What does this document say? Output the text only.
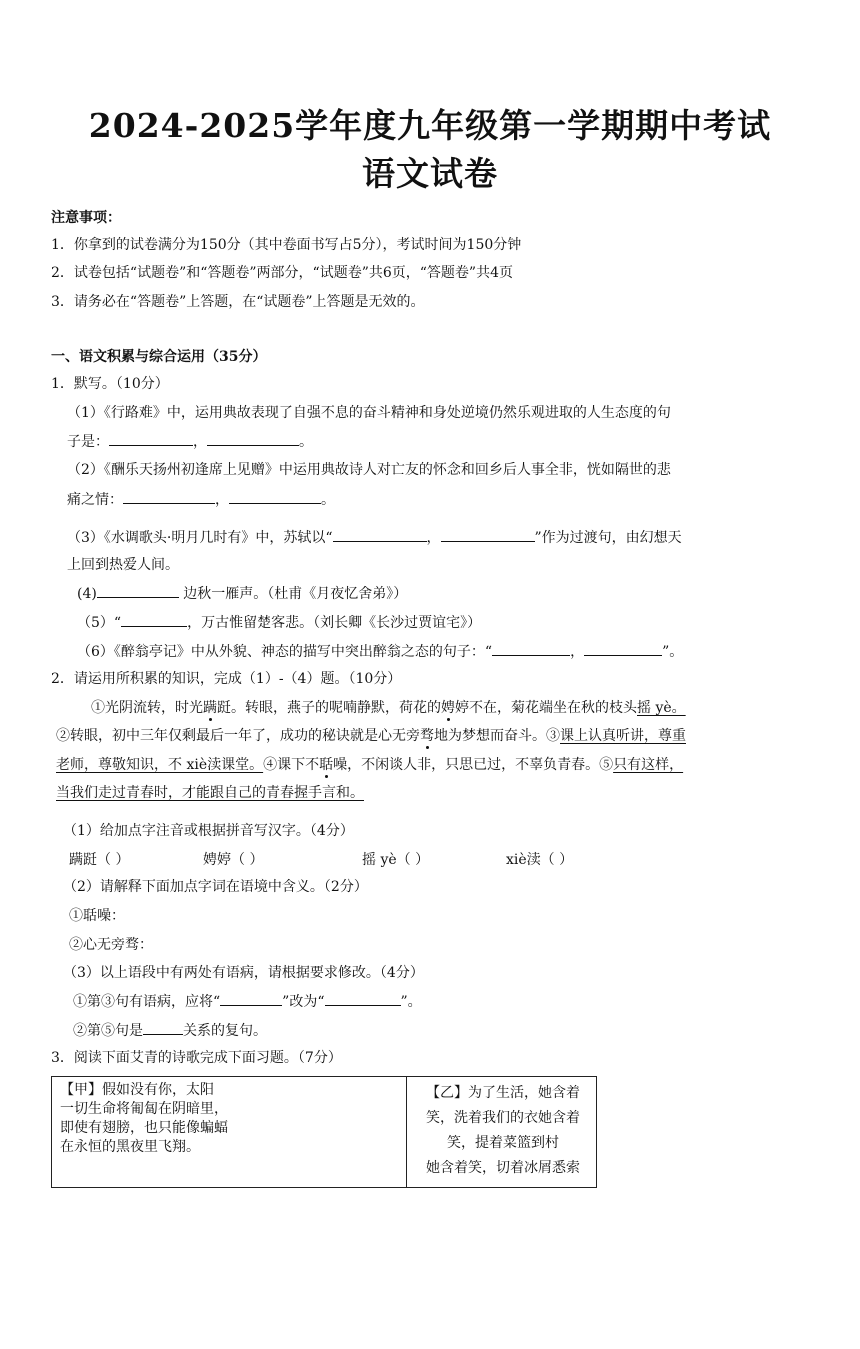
2024-2025学年度九年级第一学期期中考试
语文试卷
注意事项：
1．你拿到的试卷满分为150分（其中卷面书写占5分），考试时间为150分钟
2．试卷包括“试题卷”和“答题卷”两部分，“试题卷”共6页，“答题卷”共4页
3．请务必在“答题卷”上答题，在“试题卷”上答题是无效的。
一、语文积累与综合运用（35分）
1．默写。（10分）
（1）《行路难》中，运用典故表现了自强不息的奋斗精神和身处逆境仍然乐观进取的人生态度的句
子是：	，	。
（2）《酬乐天扬州初逢席上见赠》中运用典故诗人对亡友的怀念和回乡后人事全非，恍如隔世的悲
痛之情：	，	。
（3）《水调歌头·明月几时有》中，苏轼以“	，	”作为过渡句，由幻想天
上回到热爱人间。
(4)	边秋一雁声。（杜甫《月夜忆舍弟》）
（5）“	，万古惟留楚客悲。（刘长卿《长沙过贾谊宅》）
（6）《醉翁亭记》中从外貌、神态的描写中突出醉翁之态的句子：“	，	”。
2．请运用所积累的知识，完成（1）-（4）题。（10分）
①光阴流转，时光蹒跹。转眼，燕子的呢喃静默，荷花的娉婷不在，菊花端坐在秋的枝头摇 yè。
②转眼，初中三年仅剩最后一年了，成功的秘诀就是心无旁骛地为梦想而奋斗。③课上认真听讲，尊重
老师，尊敬知识，不 xiè渎课堂。④课下不聒噪，不闲谈人非，只思已过，不辜负青春。⑤只有这样，
当我们走过青春时，才能跟自己的青春握手言和。
（1）给加点字注音或根据拼音写汉字。（4分）
蹒跹（ ）	娉婷（ ）	摇 yè（ ）	xiè渎（ ）
（2）请解释下面加点字词在语境中含义。（2分）
①聒噪：
②心无旁骛：
（3）以上语段中有两处有语病，请根据要求修改。（4分）
①第③句有语病，应将“	”改为“	”。
②第⑤句是	关系的复句。
3．阅读下面艾青的诗歌完成下面习题。（7分）
【甲】假如没有你，太阳
一切生命将匍匐在阴暗里，
即使有翅膀，也只能像蝙蝠
在永恒的黑夜里飞翔。
【乙】为了生活，她含着
笑，洗着我们的衣她含着
笑，提着菜篮到村
她含着笑，切着冰屑悉索
